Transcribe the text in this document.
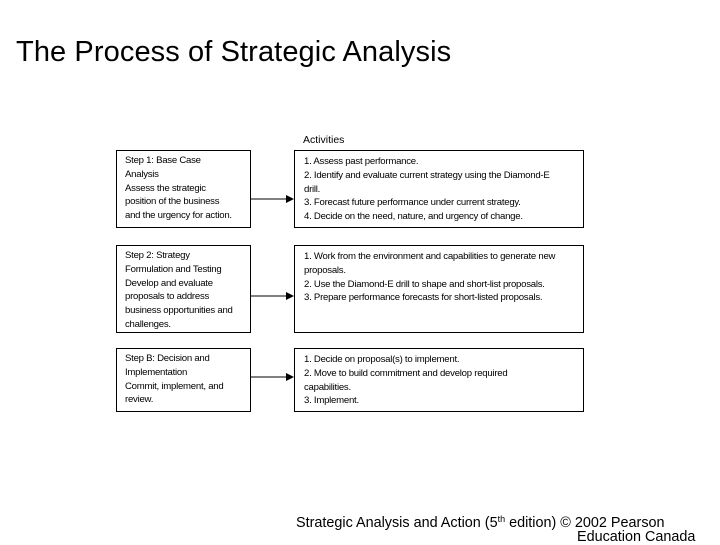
The Process of Strategic Analysis
Activities
Step 1: Base Case
Analysis
Assess the strategic
position of the business
and the urgency for action.
1. Assess past performance.
2. Identify and evaluate current strategy using the Diamond-E
drill.
3. Forecast future performance under current strategy.
4. Decide on the need, nature, and urgency of change.
Step 2: Strategy
Formulation and Testing
Develop and evaluate
proposals to address
business opportunities and
challenges.
1. Work from the environment and capabilities to generate new
proposals.
2. Use the Diamond-E drill to shape and short-list proposals.
3. Prepare performance forecasts for short-listed proposals.
Step B: Decision and
Implementation
Commit, implement, and
review.
1. Decide on proposal(s) to implement.
2. Move to build commitment and develop required
capabilities.
3. Implement.
Strategic Analysis and Action (5th edition) © 2002 Pearson
Education Canada
